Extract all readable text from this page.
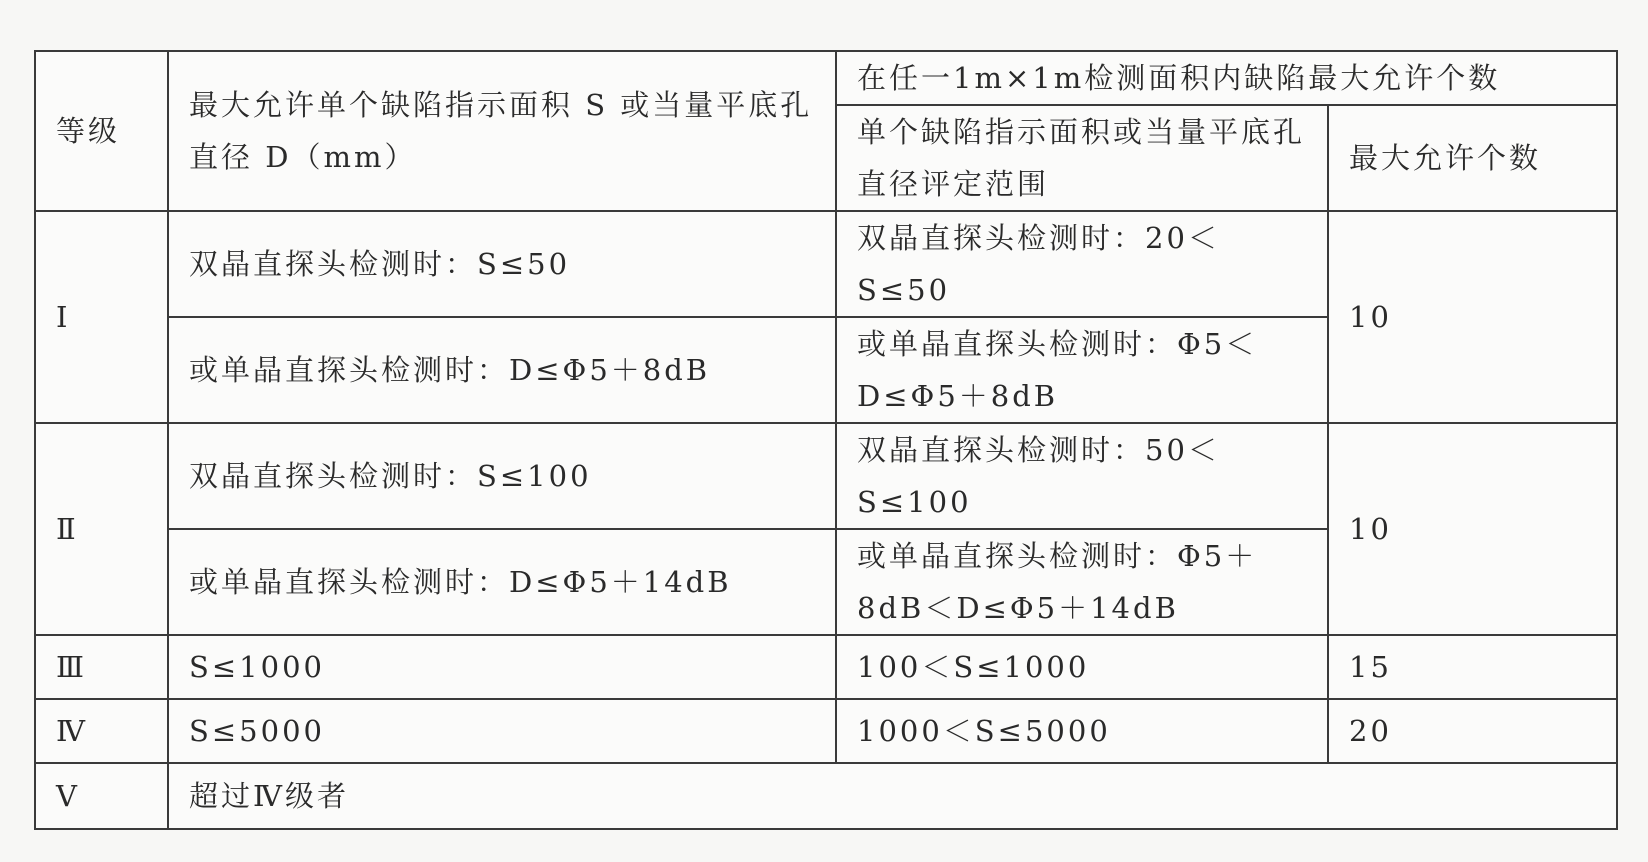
等级	最大允许单个缺陷指示面积 S 或当量平底孔直径 D（mm）	在任一1m×1m检测面积内缺陷最大允许个数	
		单个缺陷指示面积或当量平底孔直径评定范围	最大允许个数
Ⅰ	双晶直探头检测时：S≤50	双晶直探头检测时：20＜S≤50	10
	或单晶直探头检测时：D≤Φ5＋8dB	或单晶直探头检测时：Φ5＜D≤Φ5＋8dB	
Ⅱ	双晶直探头检测时：S≤100	双晶直探头检测时：50＜S≤100	10
	或单晶直探头检测时：D≤Φ5＋14dB	或单晶直探头检测时：Φ5＋8dB＜D≤Φ5＋14dB	
Ⅲ	S≤1000	100＜S≤1000	15
Ⅳ	S≤5000	1000＜S≤5000	20
Ⅴ	超过Ⅳ级者		
